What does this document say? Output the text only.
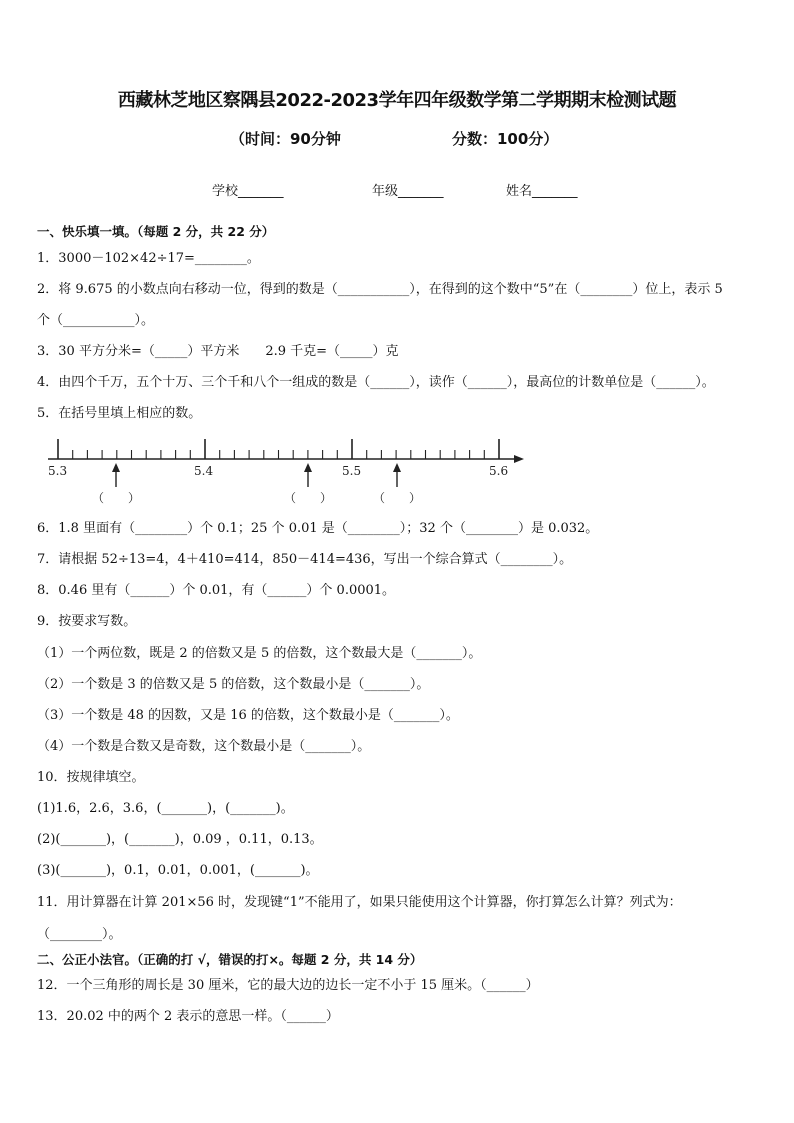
西藏林芝地区察隅县2022-2023学年四年级数学第二学期期末检测试题
（时间：90分钟	分数：100分）
学校_______	年级_______	姓名_______
一、快乐填一填。（每题 2 分，共 22 分）
1．3000－102×42÷17=________。
2．将 9.675 的小数点向右移动一位，得到的数是（___________），在得到的这个数中“5”在（________）位上，表示 5
个（___________）。
3．30 平方分米=（_____）平方米　　2.9 千克=（_____）克
4．由四个千万，五个十万、三个千和八个一组成的数是（______），读作（______），最高位的计数单位是（______）。
5．在括号里填上相应的数。
5.3	5.4	5.5	5.6
（　　）	（　　）	（　　）
6．1.8 里面有（________）个 0.1；25 个 0.01 是（________）；32 个（________）是 0.032。
7．请根据 52÷13=4，4＋410=414，850－414=436，写出一个综合算式（________）。
8．0.46 里有（______）个 0.01，有（______）个 0.0001。
9．按要求写数。
（1）一个两位数，既是 2 的倍数又是 5 的倍数，这个数最大是（_______）。
（2）一个数是 3 的倍数又是 5 的倍数，这个数最小是（_______）。
（3）一个数是 48 的因数，又是 16 的倍数，这个数最小是（_______）。
（4）一个数是合数又是奇数，这个数最小是（_______）。
10．按规律填空。
(1)1.6，2.6，3.6，(_______)，(_______)。
(2)(_______)，(_______)，0.09 ，0.11，0.13。
(3)(_______)，0.1，0.01，0.001，(_______)。
11．用计算器在计算 201×56 时，发现键“1”不能用了，如果只能使用这个计算器，你打算怎么计算？列式为：
（________）。
二、公正小法官。（正确的打 √，错误的打×。每题 2 分，共 14 分）
12．一个三角形的周长是 30 厘米，它的最大边的边长一定不小于 15 厘米。（______）
13．20.02 中的两个 2 表示的意思一样。（______）
